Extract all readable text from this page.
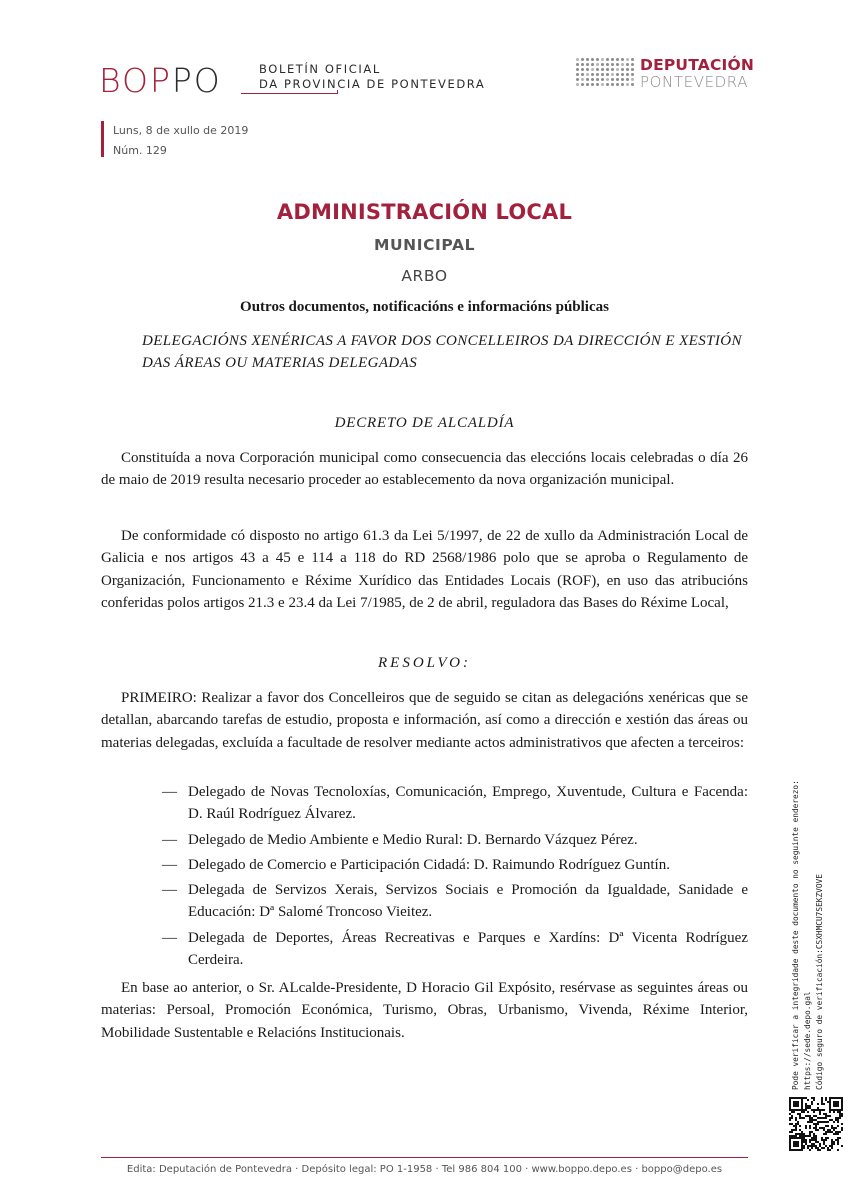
BOP PO	BOLETÍN OFICIAL
DA PROVINCIA DE PONTEVEDRA
DEPUTACIÓN
PONTEVEDRA
Luns, 8 de xullo de 2019
Núm. 129
ADMINISTRACIÓN LOCAL
MUNICIPAL
ARBO
Outros documentos, notificacións e informacións públicas
DELEGACIÓNS XENÉRICAS A FAVOR DOS CONCELLEIROS DA DIRECCIÓN E XESTIÓN
DAS ÁREAS OU MATERIAS DELEGADAS
DECRETO DE ALCALDÍA
Constituída a nova Corporación municipal como consecuencia das eleccións locais celebradas o día 26 de maio de 2019 resulta necesario proceder ao establecemento da nova organización municipal.
De conformidade có disposto no artigo 61.3 da Lei 5/1997, de 22 de xullo da Administración Local de Galicia e nos artigos 43 a 45 e 114 a 118 do RD 2568/1986 polo que se aproba o Regulamento de Organización, Funcionamento e Réxime Xurídico das Entidades Locais (ROF), en uso das atribucións conferidas polos artigos 21.3 e 23.4 da Lei 7/1985, de 2 de abril, reguladora das Bases do Réxime Local,
RESOLVO:
PRIMEIRO: Realizar a favor dos Concelleiros que de seguido se citan as delegacións xenéricas que se detallan, abarcando tarefas de estudio, proposta e información, así como a dirección e xestión das áreas ou materias delegadas, excluída a facultade de resolver mediante actos administrativos que afecten a terceiros:
— Delegado de Novas Tecnoloxías, Comunicación, Emprego, Xuventude, Cultura e Facenda: D. Raúl Rodríguez Álvarez.
— Delegado de Medio Ambiente e Medio Rural: D. Bernardo Vázquez Pérez.
— Delegado de Comercio e Participación Cidadá: D. Raimundo Rodríguez Guntín.
— Delegada de Servizos Xerais, Servizos Sociais e Promoción da Igualdade, Sanidade e Educación: Dª Salomé Troncoso Vieitez.
— Delegada de Deportes, Áreas Recreativas e Parques e Xardíns: Dª Vicenta Rodríguez Cerdeira.
En base ao anterior, o Sr. ALcalde-Presidente, D Horacio Gil Expósito, resérvase as seguintes áreas ou materias: Persoal, Promoción Económica, Turismo, Obras, Urbanismo, Vivenda, Réxime Interior, Mobilidade Sustentable e Relacións Institucionais.	Pode verificar a integridade deste documento no seguinte enderezo: https://sede.depo.gal Código seguro de verificación:CSXHMCU7SEKZVOVE
Edita: Deputación de Pontevedra · Depósito legal: PO 1-1958 · Tel 986 804 100 · www.boppo.depo.es · boppo@depo.es
